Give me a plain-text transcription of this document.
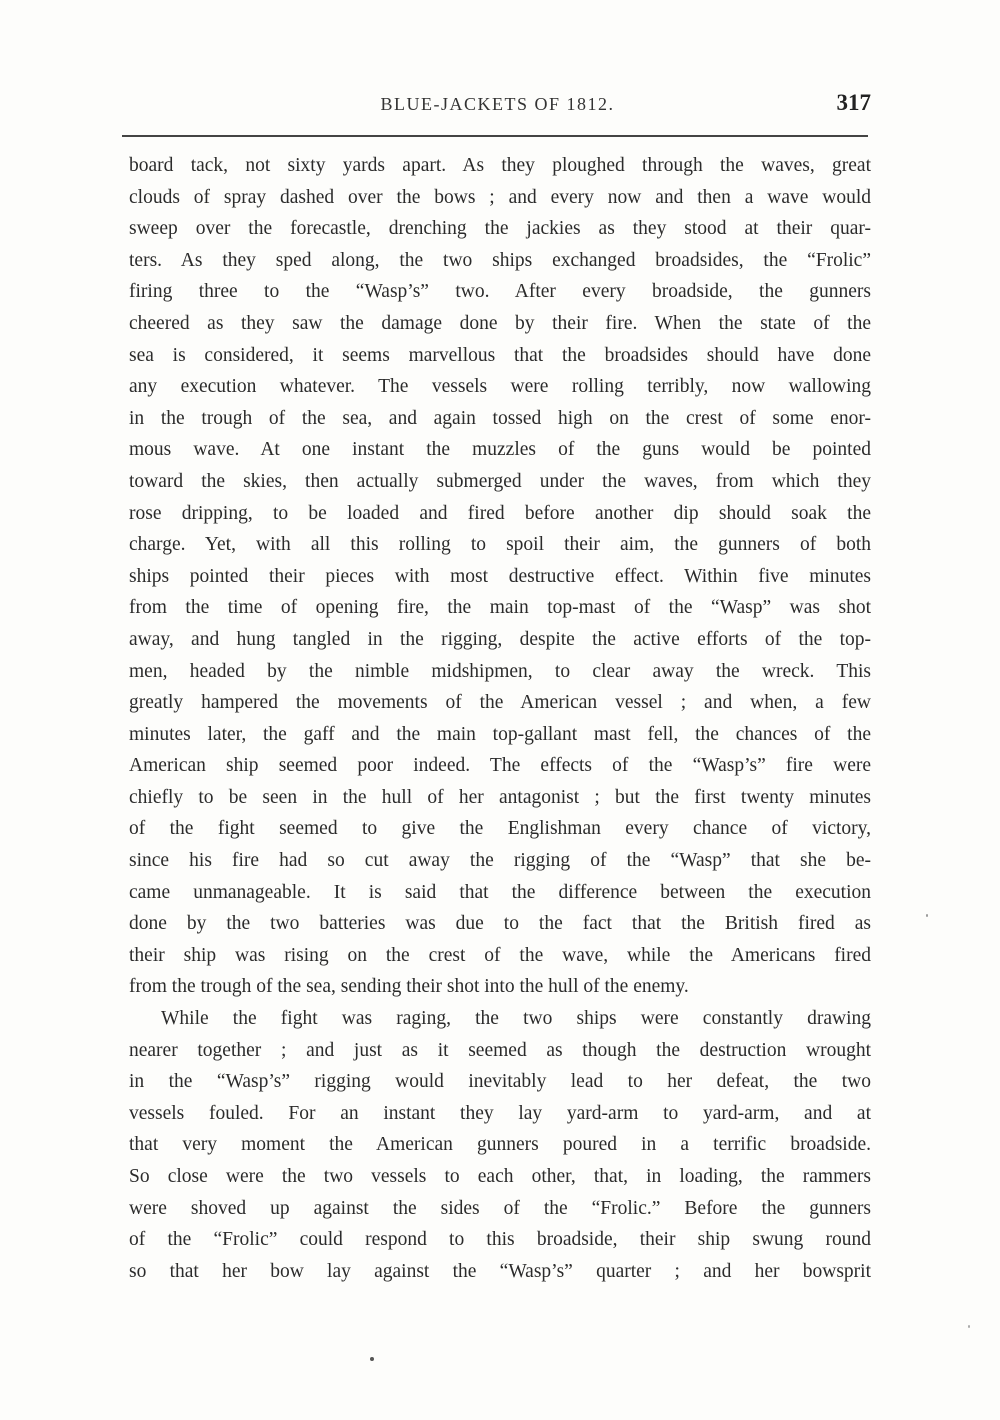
BLUE-JACKETS OF 1812.	317
board tack, not sixty yards apart. As they ploughed through the waves, great
clouds of spray dashed over the bows ; and every now and then a wave would
sweep over the forecastle, drenching the jackies as they stood at their quar-
ters. As they sped along, the two ships exchanged broadsides, the “Frolic”
firing three to the “Wasp’s” two. After every broadside, the gunners
cheered as they saw the damage done by their fire. When the state of the
sea is considered, it seems marvellous that the broadsides should have done
any execution whatever. The vessels were rolling terribly, now wallowing
in the trough of the sea, and again tossed high on the crest of some enor-
mous wave. At one instant the muzzles of the guns would be pointed
toward the skies, then actually submerged under the waves, from which they
rose dripping, to be loaded and fired before another dip should soak the
charge. Yet, with all this rolling to spoil their aim, the gunners of both
ships pointed their pieces with most destructive effect. Within five minutes
from the time of opening fire, the main top-mast of the “Wasp” was shot
away, and hung tangled in the rigging, despite the active efforts of the top-
men, headed by the nimble midshipmen, to clear away the wreck. This
greatly hampered the movements of the American vessel ; and when, a few
minutes later, the gaff and the main top-gallant mast fell, the chances of the
American ship seemed poor indeed. The effects of the “Wasp’s” fire were
chiefly to be seen in the hull of her antagonist ; but the first twenty minutes
of the fight seemed to give the Englishman every chance of victory,
since his fire had so cut away the rigging of the “Wasp” that she be-
came unmanageable. It is said that the difference between the execution
done by the two batteries was due to the fact that the British fired as
their ship was rising on the crest of the wave, while the Americans fired
from the trough of the sea, sending their shot into the hull of the enemy.
While the fight was raging, the two ships were constantly drawing
nearer together ; and just as it seemed as though the destruction wrought
in the “Wasp’s” rigging would inevitably lead to her defeat, the two
vessels fouled. For an instant they lay yard-arm to yard-arm, and at
that very moment the American gunners poured in a terrific broadside.
So close were the two vessels to each other, that, in loading, the rammers
were shoved up against the sides of the “Frolic.” Before the gunners
of the “Frolic” could respond to this broadside, their ship swung round
so that her bow lay against the “Wasp’s” quarter ; and her bowsprit
